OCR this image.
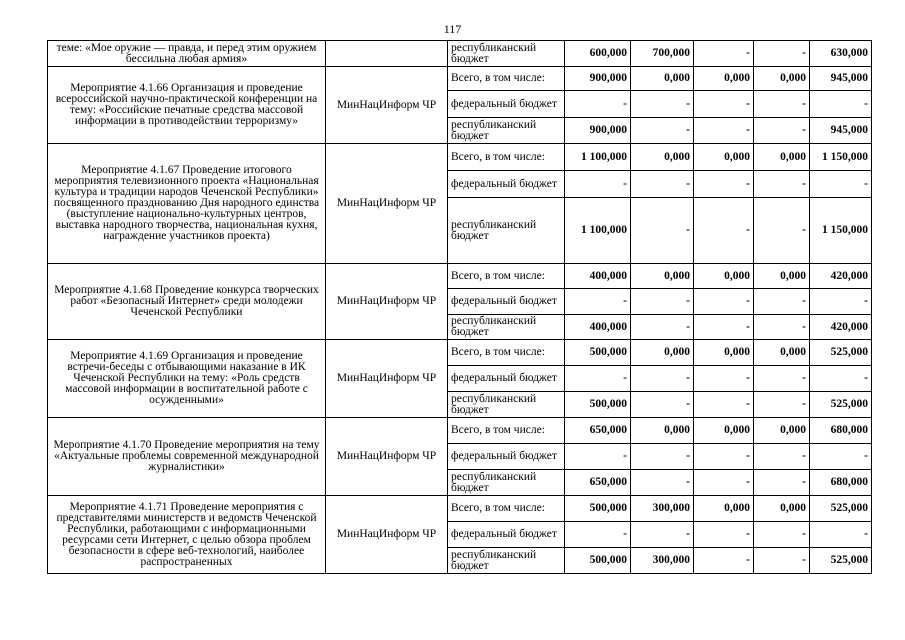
117
теме: «Мое оружие — правда, и перед этим оружием бессильна любая армия»		республиканский бюджет	600,000	700,000	-	-	630,000
Мероприятие 4.1.66 Организация и проведение всероссийской научно-практической конференции на тему: «Российские печатные средства массовой информации в противодействии терроризму»	МинНацИнформ ЧР	Всего, в том числе:	900,000	0,000	0,000	0,000	945,000
		федеральный бюджет	-	-	-	-	-
		республиканский бюджет	900,000	-	-	-	945,000
Мероприятие 4.1.67 Проведение итогового мероприятия телевизионного проекта «Национальная культура и традиции народов Чеченской Республики» посвященного празднованию Дня народного единства (выступление национально-культурных центров, выставка народного творчества, национальная кухня, награждение участников проекта)	МинНацИнформ ЧР	Всего, в том числе:	1 100,000	0,000	0,000	0,000	1 150,000
		федеральный бюджет	-	-	-	-	-
		республиканский бюджет	1 100,000	-	-	-	1 150,000
Мероприятие 4.1.68 Проведение конкурса творческих работ «Безопасный Интернет» среди молодежи Чеченской Республики	МинНацИнформ ЧР	Всего, в том числе:	400,000	0,000	0,000	0,000	420,000
		федеральный бюджет	-	-	-	-	-
		республиканский бюджет	400,000	-	-	-	420,000
Мероприятие 4.1.69 Организация и проведение встречи-беседы с отбывающими наказание в ИК Чеченской Республики на тему: «Роль средств массовой информации в воспитательной работе с осужденными»	МинНацИнформ ЧР	Всего, в том числе:	500,000	0,000	0,000	0,000	525,000
		федеральный бюджет	-	-	-	-	-
		республиканский бюджет	500,000	-	-	-	525,000
Мероприятие 4.1.70 Проведение мероприятия на тему «Актуальные проблемы современной международной журналистики»	МинНацИнформ ЧР	Всего, в том числе:	650,000	0,000	0,000	0,000	680,000
		федеральный бюджет	-	-	-	-	-
		республиканский бюджет	650,000	-	-	-	680,000
Мероприятие 4.1.71 Проведение мероприятия с представителями министерств и ведомств Чеченской Республики, работающими с информационными ресурсами сети Интернет, с целью обзора проблем безопасности в сфере веб-технологий, наиболее распространенных	МинНацИнформ ЧР	Всего, в том числе:	500,000	300,000	0,000	0,000	525,000
		федеральный бюджет	-	-	-	-	-
		республиканский бюджет	500,000	300,000	-	-	525,000
